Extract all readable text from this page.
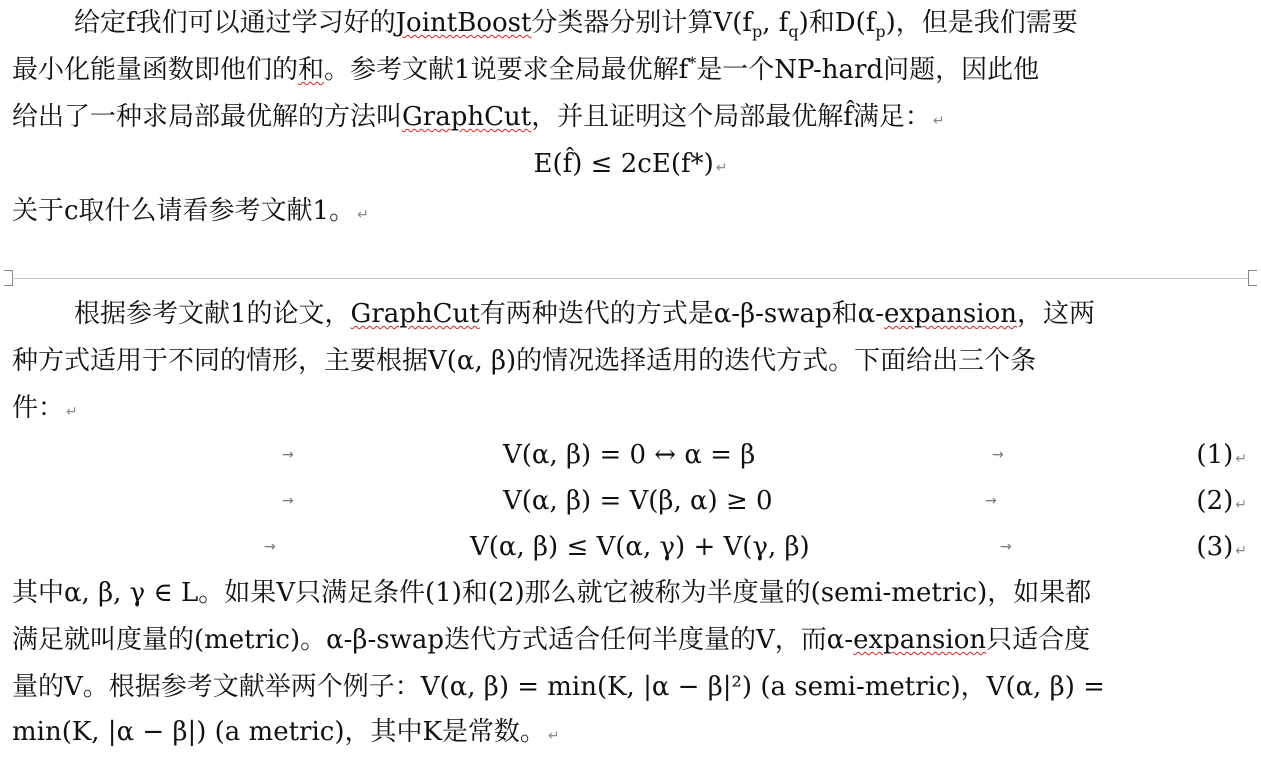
给定f我们可以通过学习好的JointBoost分类器分别计算$V(f_p$, $f_q$)和$D(f_p)$，但是我们需要
最小化能量函数即他们的和。参考文献1说要求全局最优解f*是一个NP-hard问题，因此他
给出了一种求局部最优解的方法叫GraphCut，并且证明这个局部最优解f̂满足： ↵
E(f̂) ≤ 2cE(f*) ↵
关于c取什么请看参考文献1。 ↵
根据参考文献1的论文，GraphCut有两种迭代的方式是α-β-swap和α-expansion，这两
种方式适用于不同的情形，主要根据V(α, β)的情况选择适用的迭代方式。下面给出三个条
件： ↵
→	V(α, β) = 0 ↔ α = β	→	(1) ↵
→	V(α, β) = V(β, α) ≥ 0	→	(2) ↵
→	V(α, β) ≤ V(α, γ) + V(γ, β)	→	(3) ↵
其中α, β, γ ∈ L。如果V只满足条件(1)和(2)那么就它被称为半度量的(semi-metric)，如果都
满足就叫度量的(metric)。α-β-swap迭代方式适合任何半度量的V，而α-expansion只适合度
量的V。根据参考文献举两个例子：V(α, β) = min(K, |α − β|²) (a semi-metric)，V(α, β) =
min(K, |α − β|) (a metric)，其中K是常数。 ↵
